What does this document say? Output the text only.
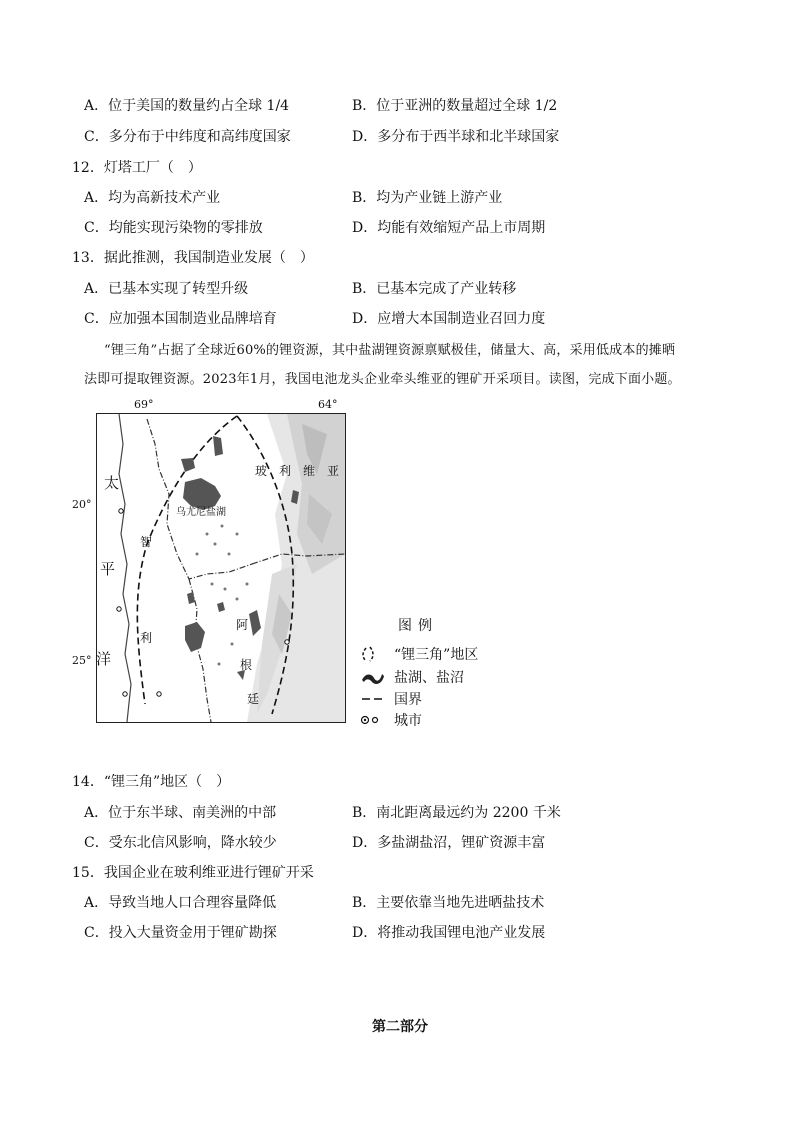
A．位于美国的数量约占全球 1/4	B．位于亚洲的数量超过全球 1/2
C．多分布于中纬度和高纬度国家	D．多分布于西半球和北半球国家
12．灯塔工厂（　）
A．均为高新技术产业	B．均为产业链上游产业
C．均能实现污染物的零排放	D．均能有效缩短产品上市周期
13．据此推测，我国制造业发展（　）
A．已基本实现了转型升级	B．已基本完成了产业转移
C．应加强本国制造业品牌培育	D．应增大本国制造业召回力度
“锂三角”占据了全球近60%的锂资源，其中盐湖锂资源禀赋极佳，储量大、高，采用低成本的摊晒
法即可提取锂资源。2023年1月，我国电池龙头企业牵头维亚的锂矿开采项目。读图，完成下面小题。
69°	64°
20°
25°
太
平
洋
玻　利　维　亚
乌尤尼盐湖
智
利
阿
根
廷
图例
“锂三角”地区
盐湖、盐沼
国界
城市
14．“锂三角”地区（　）
A．位于东半球、南美洲的中部	B．南北距离最远约为 2200 千米
C．受东北信风影响，降水较少	D．多盐湖盐沼，锂矿资源丰富
15．我国企业在玻利维亚进行锂矿开采
A．导致当地人口合理容量降低	B．主要依靠当地先进晒盐技术
C．投入大量资金用于锂矿勘探	D．将推动我国锂电池产业发展
第二部分
